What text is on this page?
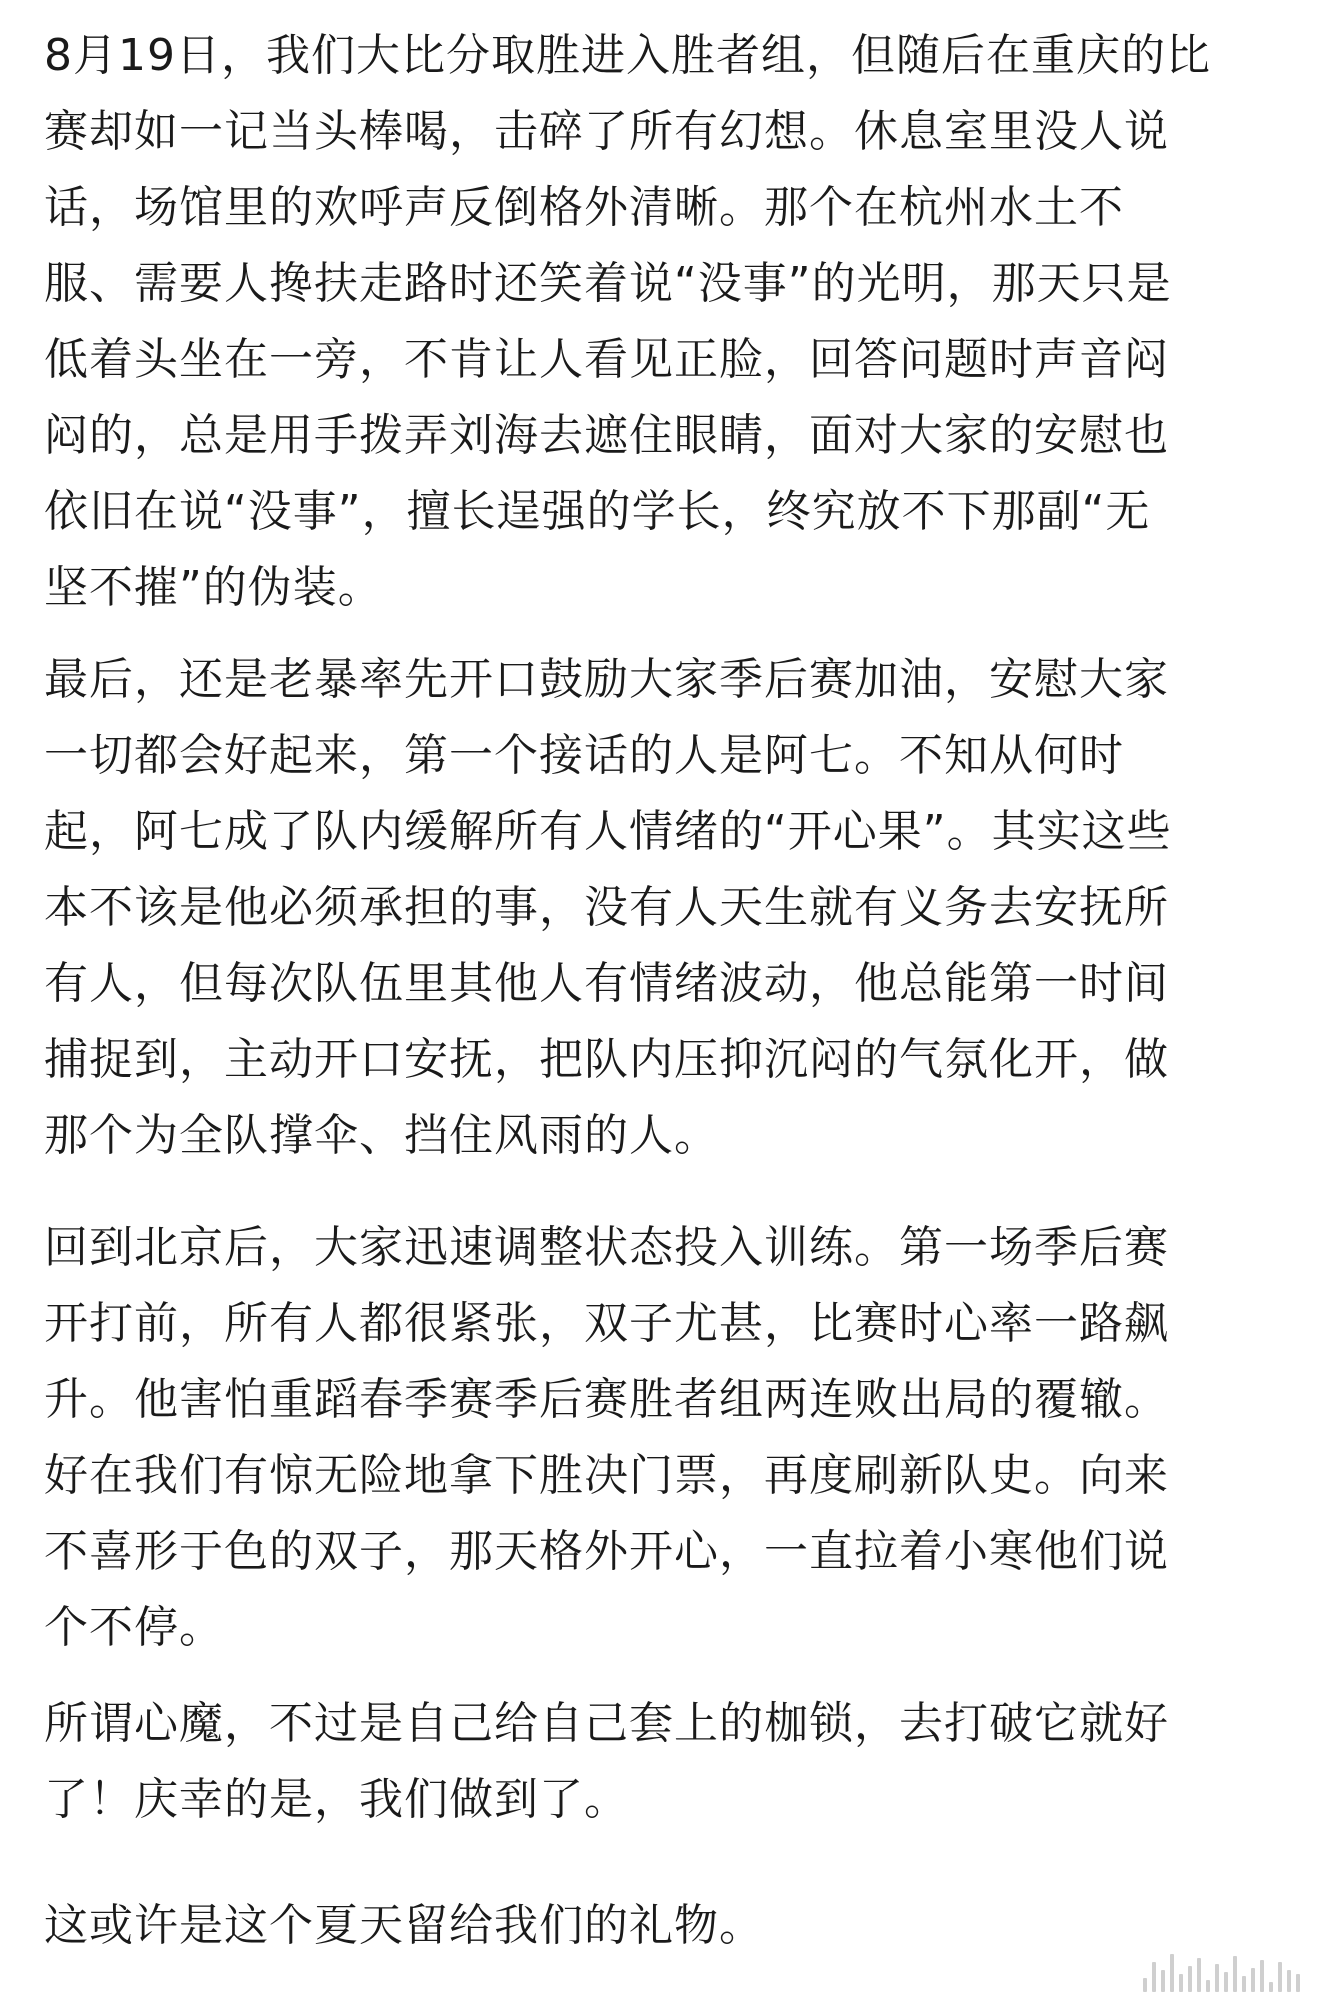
8月19日，我们大比分取胜进入胜者组，但随后在重庆的比
赛却如一记当头棒喝，击碎了所有幻想。休息室里没人说
话，场馆里的欢呼声反倒格外清晰。那个在杭州水土不
服、需要人搀扶走路时还笑着说“没事”的光明，那天只是
低着头坐在一旁，不肯让人看见正脸，回答问题时声音闷
闷的，总是用手拨弄刘海去遮住眼睛，面对大家的安慰也
依旧在说“没事”，擅长逞强的学长，终究放不下那副“无
坚不摧”的伪装。

最后，还是老暴率先开口鼓励大家季后赛加油，安慰大家
一切都会好起来，第一个接话的人是阿七。不知从何时
起，阿七成了队内缓解所有人情绪的“开心果”。其实这些
本不该是他必须承担的事，没有人天生就有义务去安抚所
有人，但每次队伍里其他人有情绪波动，他总能第一时间
捕捉到，主动开口安抚，把队内压抑沉闷的气氛化开，做
那个为全队撑伞、挡住风雨的人。

回到北京后，大家迅速调整状态投入训练。第一场季后赛
开打前，所有人都很紧张，双子尤甚，比赛时心率一路飙
升。他害怕重蹈春季赛季后赛胜者组两连败出局的覆辙。
好在我们有惊无险地拿下胜决门票，再度刷新队史。向来
不喜形于色的双子，那天格外开心，一直拉着小寒他们说
个不停。

所谓心魔，不过是自己给自己套上的枷锁，去打破它就好
了！庆幸的是，我们做到了。

这或许是这个夏天留给我们的礼物。
